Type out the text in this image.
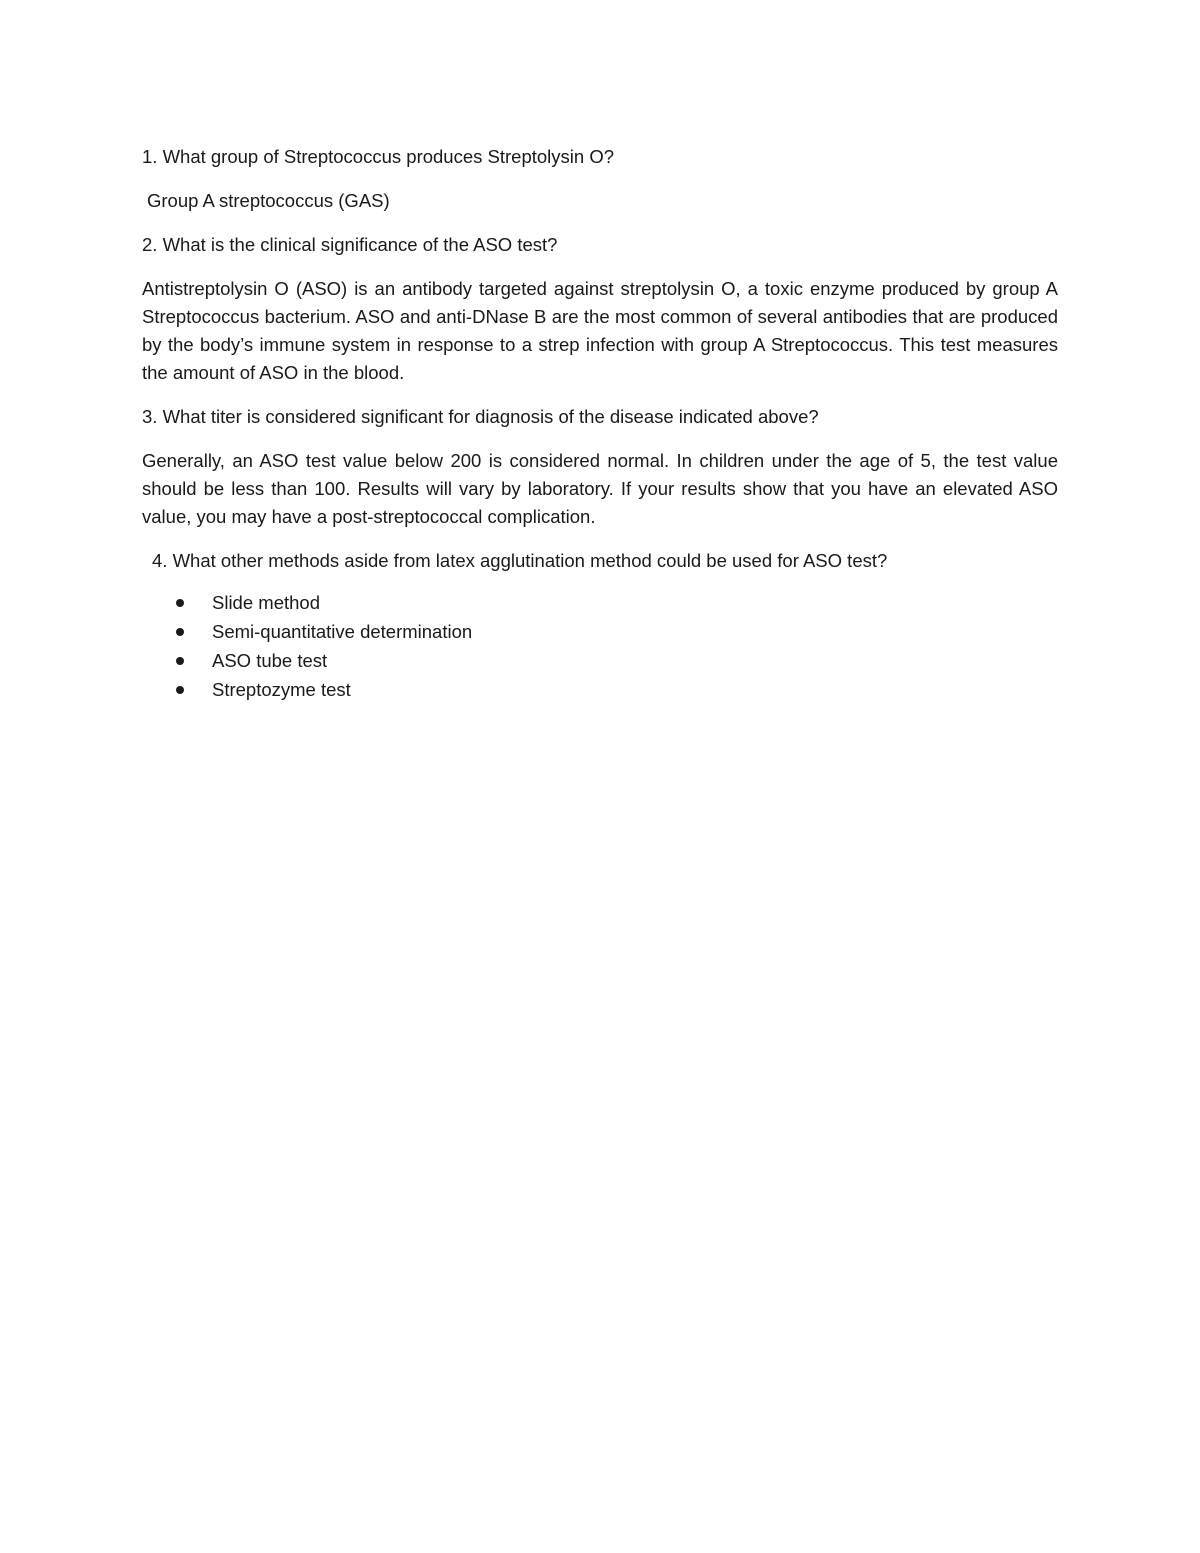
1. What group of Streptococcus produces Streptolysin O?

Group A streptococcus (GAS)

2. What is the clinical significance of the ASO test?

Antistreptolysin O (ASO) is an antibody targeted against streptolysin O, a toxic enzyme produced by group A Streptococcus bacterium. ASO and anti-DNase B are the most common of several antibodies that are produced by the body’s immune system in response to a strep infection with group A Streptococcus. This test measures the amount of ASO in the blood.

3. What titer is considered significant for diagnosis of the disease indicated above?

Generally, an ASO test value below 200 is considered normal. In children under the age of 5, the test value should be less than 100. Results will vary by laboratory. If your results show that you have an elevated ASO value, you may have a post-streptococcal complication.

4. What other methods aside from latex agglutination method could be used for ASO test?

Slide method
Semi-quantitative determination
ASO tube test
Streptozyme test
